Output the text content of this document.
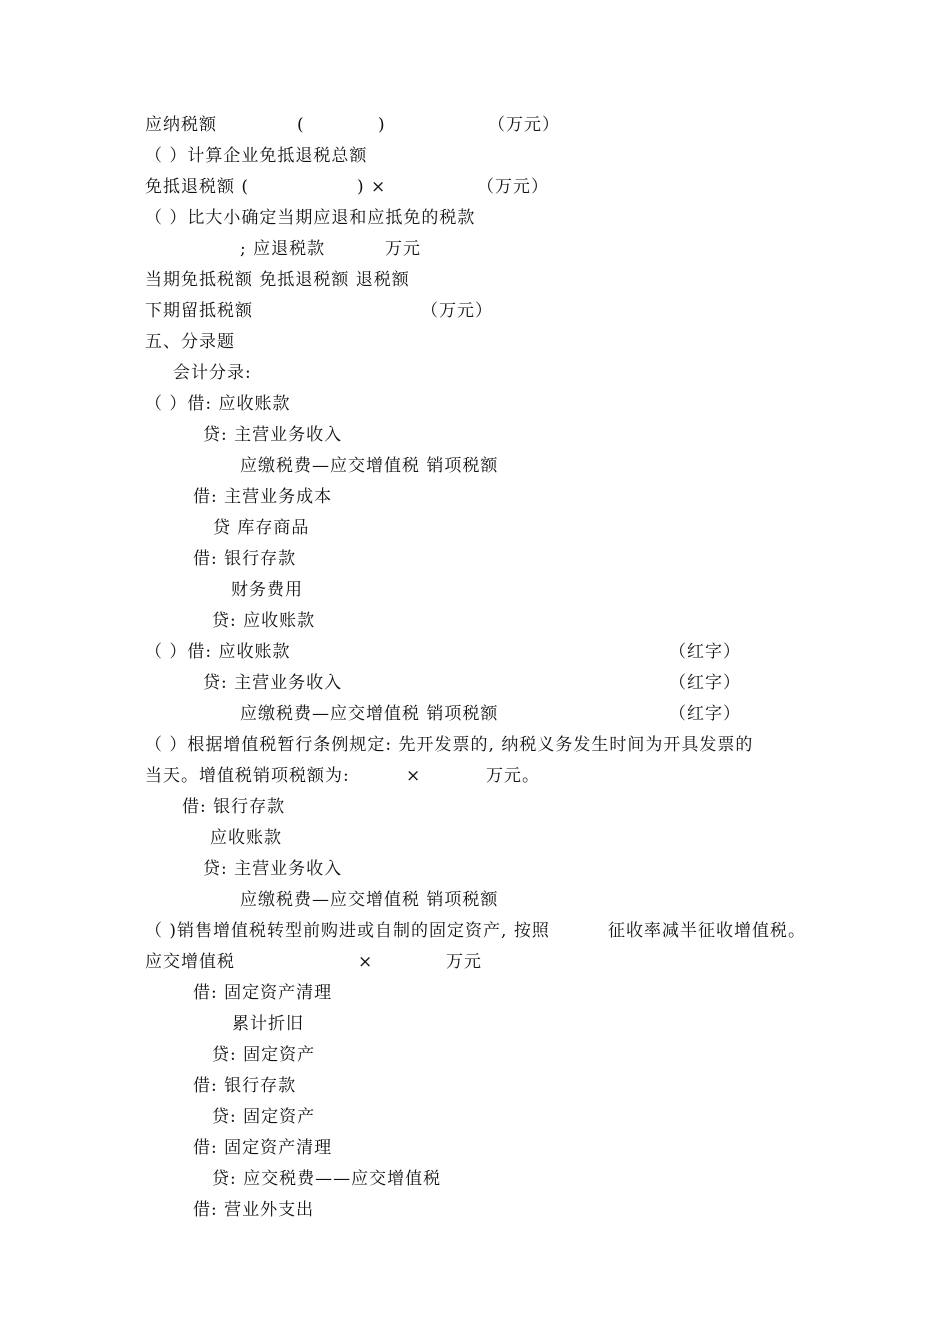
应纳税额	(	)	（万元）
（ ）计算企业免抵退税总额
免抵退税额 (	) ×	（万元）
（ ）比大小确定当期应退和应抵免的税款
; 应退税款	万元
当期免抵税额 免抵退税额 退税额
下期留抵税额	（万元）
五、分录题
会计分录:
（ ）借: 应收账款
贷: 主营业务收入
应缴税费—应交增值税 销项税额
借: 主营业务成本
贷 库存商品
借: 银行存款
财务费用
贷: 应收账款
（ ）借: 应收账款	（红字）
贷: 主营业务收入	（红字）
应缴税费—应交增值税 销项税额	（红字）
（ ）根据增值税暂行条例规定: 先开发票的, 纳税义务发生时间为开具发票的
当天。增值税销项税额为:	×	万元。
借: 银行存款
应收账款
贷: 主营业务收入
应缴税费—应交增值税 销项税额
（ )销售增值税转型前购进或自制的固定资产, 按照	征收率减半征收增值税。
应交增值税	×	万元
借: 固定资产清理
累计折旧
贷: 固定资产
借: 银行存款
贷: 固定资产
借: 固定资产清理
贷: 应交税费——应交增值税
借: 营业外支出
